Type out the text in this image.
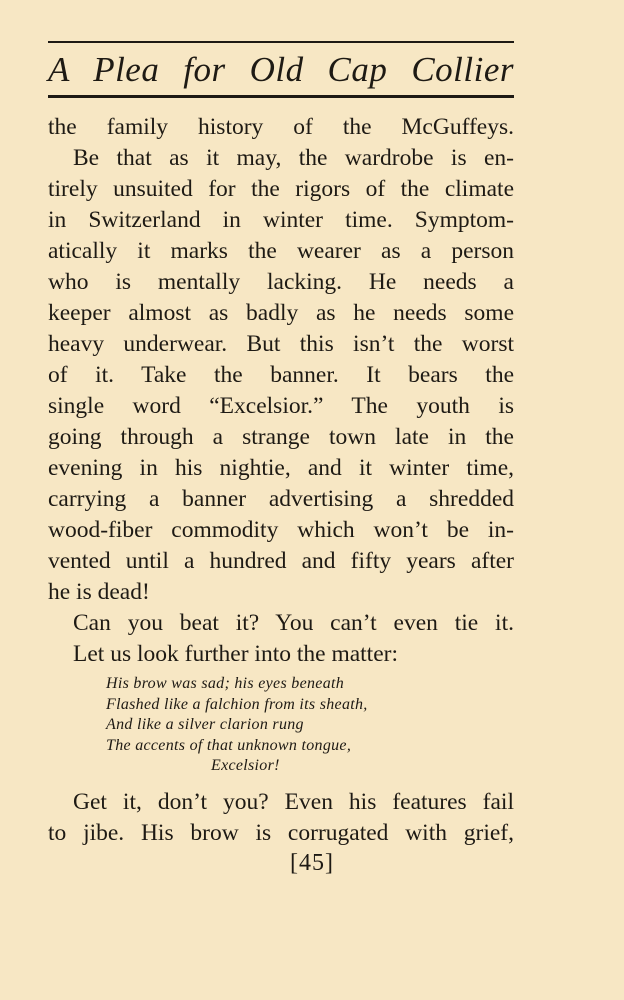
A Plea for Old Cap Collier
the family history of the McGuffeys.
Be that as it may, the wardrobe is en-
tirely unsuited for the rigors of the climate
in Switzerland in winter time. Symptom-
atically it marks the wearer as a person
who is mentally lacking. He needs a
keeper almost as badly as he needs some
heavy underwear. But this isn’t the worst
of it. Take the banner. It bears the
single word “Excelsior.” The youth is
going through a strange town late in the
evening in his nightie, and it winter time,
carrying a banner advertising a shredded
wood-fiber commodity which won’t be in-
vented until a hundred and fifty years after
he is dead!
Can you beat it? You can’t even tie it.
Let us look further into the matter:
His brow was sad; his eyes beneath
Flashed like a falchion from its sheath,
And like a silver clarion rung
The accents of that unknown tongue,
Excelsior!
Get it, don’t you? Even his features fail
to jibe. His brow is corrugated with grief,
[45]
